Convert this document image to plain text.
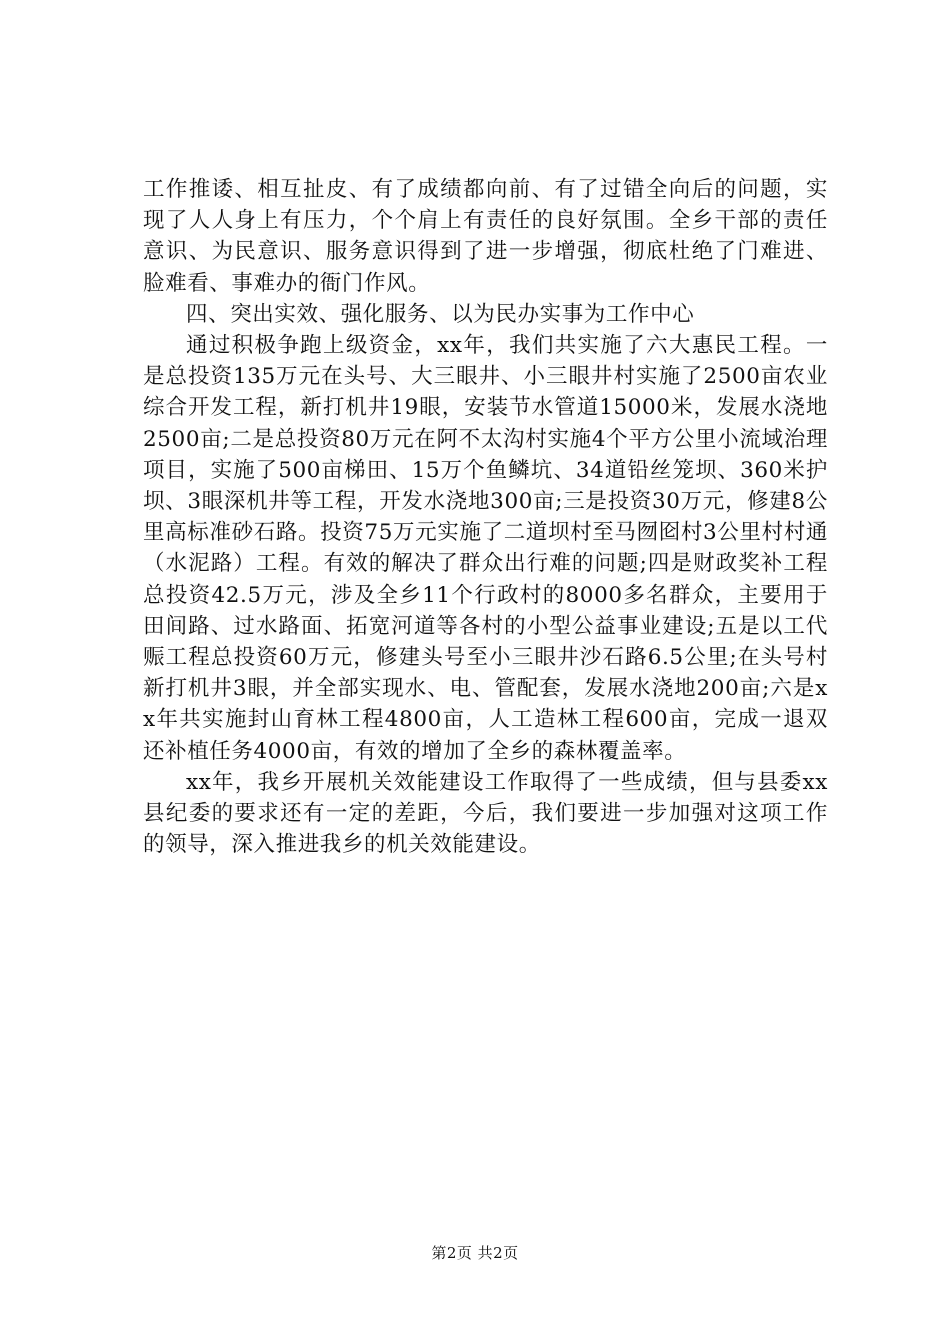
工作推诿、相互扯皮、有了成绩都向前、有了过错全向后的问题，实现了人人身上有压力，个个肩上有责任的良好氛围。全乡干部的责任意识、为民意识、服务意识得到了进一步增强，彻底杜绝了门难进、脸难看、事难办的衙门作风。

四、突出实效、强化服务、以为民办实事为工作中心

通过积极争跑上级资金，xx年，我们共实施了六大惠民工程。一是总投资135万元在头号、大三眼井、小三眼井村实施了2500亩农业综合开发工程，新打机井19眼，安装节水管道15000米，发展水浇地2500亩;二是总投资80万元在阿不太沟村实施4个平方公里小流域治理项目，实施了500亩梯田、15万个鱼鳞坑、34道铅丝笼坝、360米护坝、3眼深机井等工程，开发水浇地300亩;三是投资30万元，修建8公里高标准砂石路。投资75万元实施了二道坝村至马囫囵村3公里村村通（水泥路）工程。有效的解决了群众出行难的问题;四是财政奖补工程总投资42.5万元，涉及全乡11个行政村的8000多名群众，主要用于田间路、过水路面、拓宽河道等各村的小型公益事业建设;五是以工代赈工程总投资60万元，修建头号至小三眼井沙石路6.5公里;在头号村新打机井3眼，并全部实现水、电、管配套，发展水浇地200亩;六是xx年共实施封山育林工程4800亩，人工造林工程600亩，完成一退双还补植任务4000亩，有效的增加了全乡的森林覆盖率。

xx年，我乡开展机关效能建设工作取得了一些成绩，但与县委xx县纪委的要求还有一定的差距，今后，我们要进一步加强对这项工作的领导，深入推进我乡的机关效能建设。

第2页 共2页
